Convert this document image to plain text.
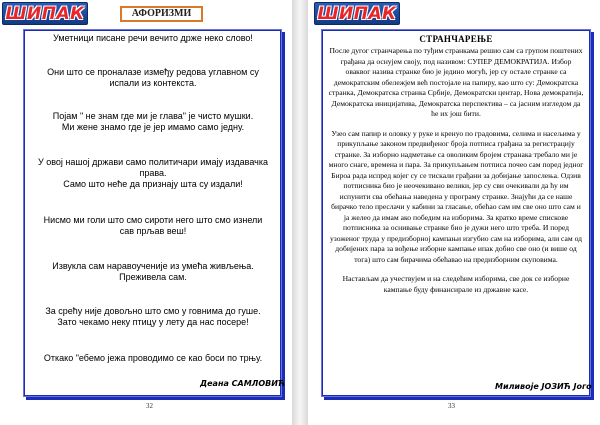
ШИПАК	АФОРИЗМИ
Уметници писане речи вечито држе неко слово!
Они што се проналазе између редова углавном су
испали из контекста.
Појам " не знам где ми је глава" је чисто мушки.
Ми жене знамо где је јер имамо само једну.
У овој нашој држави само политичари имају издавачка
права.
Само што неће да признају шта су издали!
Нисмо ми голи што смо сироти него што смо изнели
сав прљав веш!
Извукла сам наравоученије из умећа живљења.
Преживела сам.
За срећу није довољно што смо у говнима до гуше.
Зато чекамо неку птицу у лету да нас посере!
Откако "ебемо јежа проводимо се као боси по трњу.
Деана САМЛОВИЋ
32
ШИПАК
СТРАНЧАРЕЊЕ

После дугог странчарења по туђим странкама решио сам са групом поштених грађана да оснујем своју, под називом: СУПЕР ДЕМОКРАТИЈА. Избор оваквог назива странке био је једино могућ, јер су остале странке са демократским обележјем већ постојале на папиру, као што су: Демократска странка, Демократска странка Србије, Демократски центар, Нова демократија, Демократска иницијатива, Демократска перспектива – са јасним изгледом да ће их још бити.

Узео сам папир и оловку у руке и кренуо по градовима, селима и насељима у прикупљање законом предвиђеног броја потписа грађана за регистрацију странке. За изборно надметање са оволиким бројем странака требало ми је много снаге, времена и пара. За прикупљањем потписа почео сам поред једног Бироа рада испред којег су се тискали грађани за добијање запослења. Одзив потписника био је неочекивано велики, јер су сви очекивали да ћу им испунити сва обећања наведена у програму странке. Знајући да се наше бирачко тело преслачи у кабини за гласање, обећао сам им све оно што сам и ја желео да имам ако победим на изборима. За кратко време спискове потписника за оснивање странке био је дужи него што треба. И поред узоженог труда у предизборној кампањи изгубио сам на изборима, али сам од добијених пара за вођење изборне кампање ипак добио све оно (и више од тога) што сам бирачима обећавао на предизборним скуповима.

Настављам да учествујем и на следећим изборима, све док се изборне кампање буду финансирале из државне касе.

Миливоје ЈОЗИЋ Јого
33
